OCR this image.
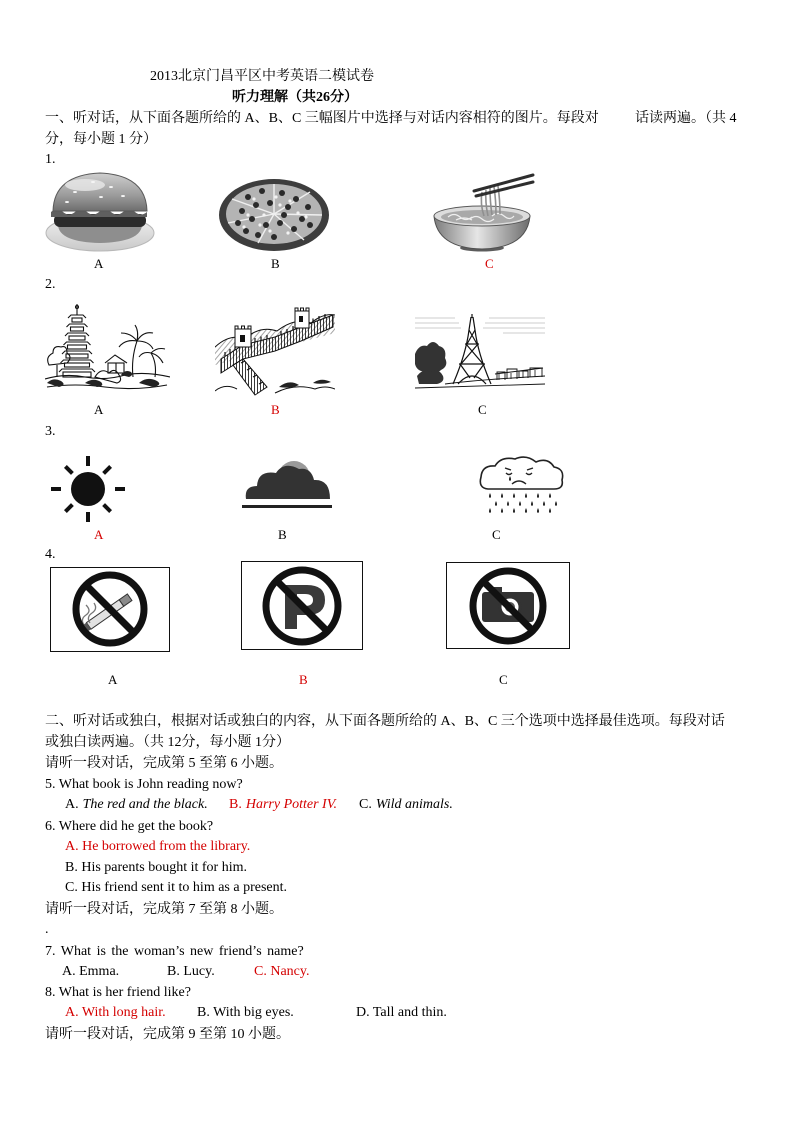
2013北京门昌平区中考英语二模试卷
听力理解（共26分）
一、听对话，从下面各题所给的 A、B、C 三幅图片中选择与对话内容相符的图片。每段对	话读两遍。（共 4
分，每小题 1 分）
1.
A	B	C
2.
A	B	C
3.
A	B	C
4.
A	B	C
二、听对话或独白，根据对话或独白的内容，从下面各题所给的 A、B、C 三个选项中选择最佳选项。每段对话
或独白读两遍。（共 12分，每小题 1分）
请听一段对话，完成第 5 至第 6 小题。
5. What book is John reading now?
A. The red and the black. B. Harry Potter IV. C. Wild animals.
6. Where did he get the book?
A. He borrowed from the library.
B. His parents bought it for him.
C. His friend sent it to him as a present.
请听一段对话，完成第 7 至第 8 小题。
.
7. What is the woman’s new friend’s name?
A. Emma.	B. Lucy.	C. Nancy.
8. What is her friend like?
A. With long hair. B. With big eyes.	D. Tall and thin.
请听一段对话，完成第 9 至第 10 小题。
